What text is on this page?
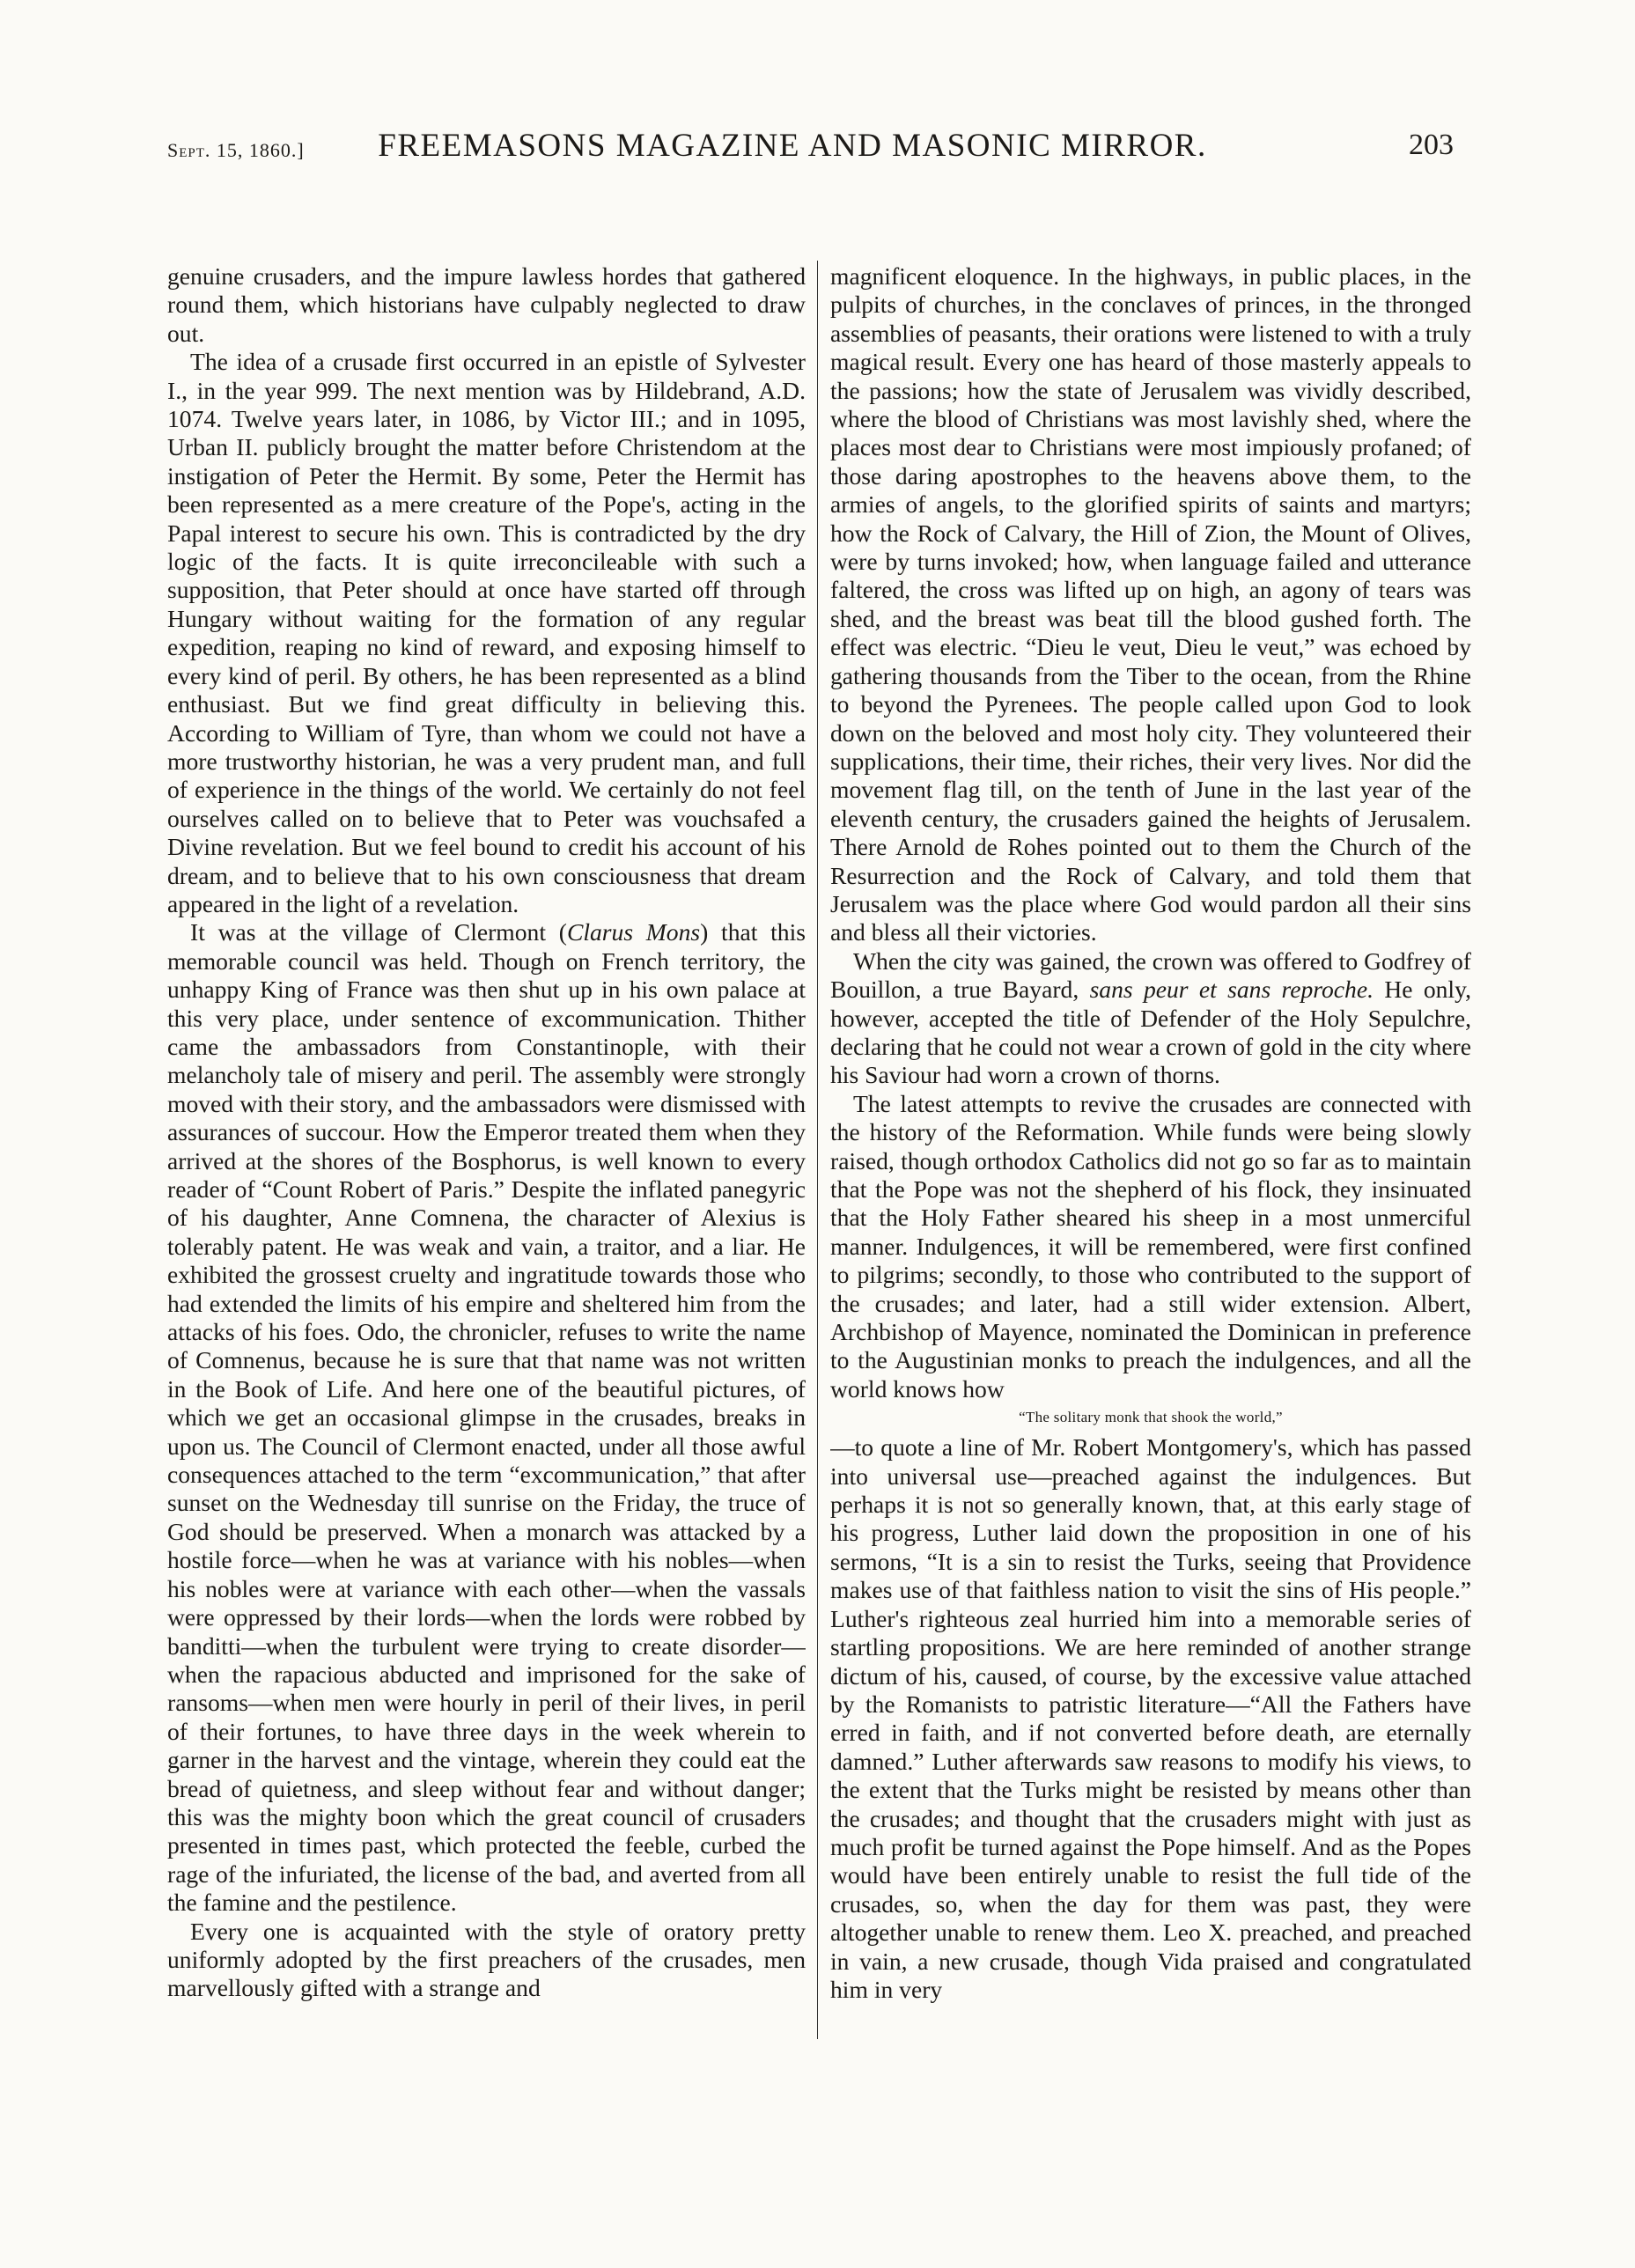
Sept. 15, 1860.]	FREEMASONS MAGAZINE AND MASONIC MIRROR.	203

genuine crusaders, and the impure lawless hordes that gathered round them, which historians have culpably neglected to draw out.

The idea of a crusade first occurred in an epistle of Sylvester I., in the year 999. The next mention was by Hildebrand, A.D. 1074. Twelve years later, in 1086, by Victor III.; and in 1095, Urban II. publicly brought the matter before Christendom at the instigation of Peter the Hermit. By some, Peter the Hermit has been represented as a mere creature of the Pope's, acting in the Papal interest to secure his own. This is contradicted by the dry logic of the facts. It is quite irreconcileable with such a supposition, that Peter should at once have started off through Hungary without waiting for the formation of any regular expedition, reaping no kind of reward, and exposing himself to every kind of peril. By others, he has been represented as a blind enthusiast. But we find great difficulty in believing this. According to William of Tyre, than whom we could not have a more trustworthy historian, he was a very prudent man, and full of experience in the things of the world. We certainly do not feel ourselves called on to believe that to Peter was vouchsafed a Divine revelation. But we feel bound to credit his account of his dream, and to believe that to his own consciousness that dream appeared in the light of a revelation.

It was at the village of Clermont (Clarus Mons) that this memorable council was held. Though on French territory, the unhappy King of France was then shut up in his own palace at this very place, under sentence of excommunication. Thither came the ambassadors from Constantinople, with their melancholy tale of misery and peril. The assembly were strongly moved with their story, and the ambassadors were dismissed with assurances of succour. How the Emperor treated them when they arrived at the shores of the Bosphorus, is well known to every reader of “Count Robert of Paris.” Despite the inflated panegyric of his daughter, Anne Comnena, the character of Alexius is tolerably patent. He was weak and vain, a traitor, and a liar. He exhibited the grossest cruelty and ingratitude towards those who had extended the limits of his empire and sheltered him from the attacks of his foes. Odo, the chronicler, refuses to write the name of Comnenus, because he is sure that that name was not written in the Book of Life. And here one of the beautiful pictures, of which we get an occasional glimpse in the crusades, breaks in upon us. The Council of Clermont enacted, under all those awful consequences attached to the term “excommunication,” that after sunset on the Wednesday till sunrise on the Friday, the truce of God should be preserved. When a monarch was attacked by a hostile force—when he was at variance with his nobles—when his nobles were at variance with each other—when the vassals were oppressed by their lords—when the lords were robbed by banditti—when the turbulent were trying to create disorder—when the rapacious abducted and imprisoned for the sake of ransoms—when men were hourly in peril of their lives, in peril of their fortunes, to have three days in the week wherein to garner in the harvest and the vintage, wherein they could eat the bread of quietness, and sleep without fear and without danger; this was the mighty boon which the great council of crusaders presented in times past, which protected the feeble, curbed the rage of the infuriated, the license of the bad, and averted from all the famine and the pestilence.

Every one is acquainted with the style of oratory pretty uniformly adopted by the first preachers of the crusades, men marvellously gifted with a strange and

magnificent eloquence. In the highways, in public places, in the pulpits of churches, in the conclaves of princes, in the thronged assemblies of peasants, their orations were listened to with a truly magical result. Every one has heard of those masterly appeals to the passions; how the state of Jerusalem was vividly described, where the blood of Christians was most lavishly shed, where the places most dear to Christians were most impiously profaned; of those daring apostrophes to the heavens above them, to the armies of angels, to the glorified spirits of saints and martyrs; how the Rock of Calvary, the Hill of Zion, the Mount of Olives, were by turns invoked; how, when language failed and utterance faltered, the cross was lifted up on high, an agony of tears was shed, and the breast was beat till the blood gushed forth. The effect was electric. “Dieu le veut, Dieu le veut,” was echoed by gathering thousands from the Tiber to the ocean, from the Rhine to beyond the Pyrenees. The people called upon God to look down on the beloved and most holy city. They volunteered their supplications, their time, their riches, their very lives. Nor did the movement flag till, on the tenth of June in the last year of the eleventh century, the crusaders gained the heights of Jerusalem. There Arnold de Rohes pointed out to them the Church of the Resurrection and the Rock of Calvary, and told them that Jerusalem was the place where God would pardon all their sins and bless all their victories.

When the city was gained, the crown was offered to Godfrey of Bouillon, a true Bayard, sans peur et sans reproche. He only, however, accepted the title of Defender of the Holy Sepulchre, declaring that he could not wear a crown of gold in the city where his Saviour had worn a crown of thorns.

The latest attempts to revive the crusades are connected with the history of the Reformation. While funds were being slowly raised, though orthodox Catholics did not go so far as to maintain that the Pope was not the shepherd of his flock, they insinuated that the Holy Father sheared his sheep in a most unmerciful manner. Indulgences, it will be remembered, were first confined to pilgrims; secondly, to those who contributed to the support of the crusades; and later, had a still wider extension. Albert, Archbishop of Mayence, nominated the Dominican in preference to the Augustinian monks to preach the indulgences, and all the world knows how

“The solitary monk that shook the world,”

—to quote a line of Mr. Robert Montgomery's, which has passed into universal use—preached against the indulgences. But perhaps it is not so generally known, that, at this early stage of his progress, Luther laid down the proposition in one of his sermons, “It is a sin to resist the Turks, seeing that Providence makes use of that faithless nation to visit the sins of His people.” Luther's righteous zeal hurried him into a memorable series of startling propositions. We are here reminded of another strange dictum of his, caused, of course, by the excessive value attached by the Romanists to patristic literature—“All the Fathers have erred in faith, and if not converted before death, are eternally damned.” Luther afterwards saw reasons to modify his views, to the extent that the Turks might be resisted by means other than the crusades; and thought that the crusaders might with just as much profit be turned against the Pope himself. And as the Popes would have been entirely unable to resist the full tide of the crusades, so, when the day for them was past, they were altogether unable to renew them. Leo X. preached, and preached in vain, a new crusade, though Vida praised and congratulated him in very
